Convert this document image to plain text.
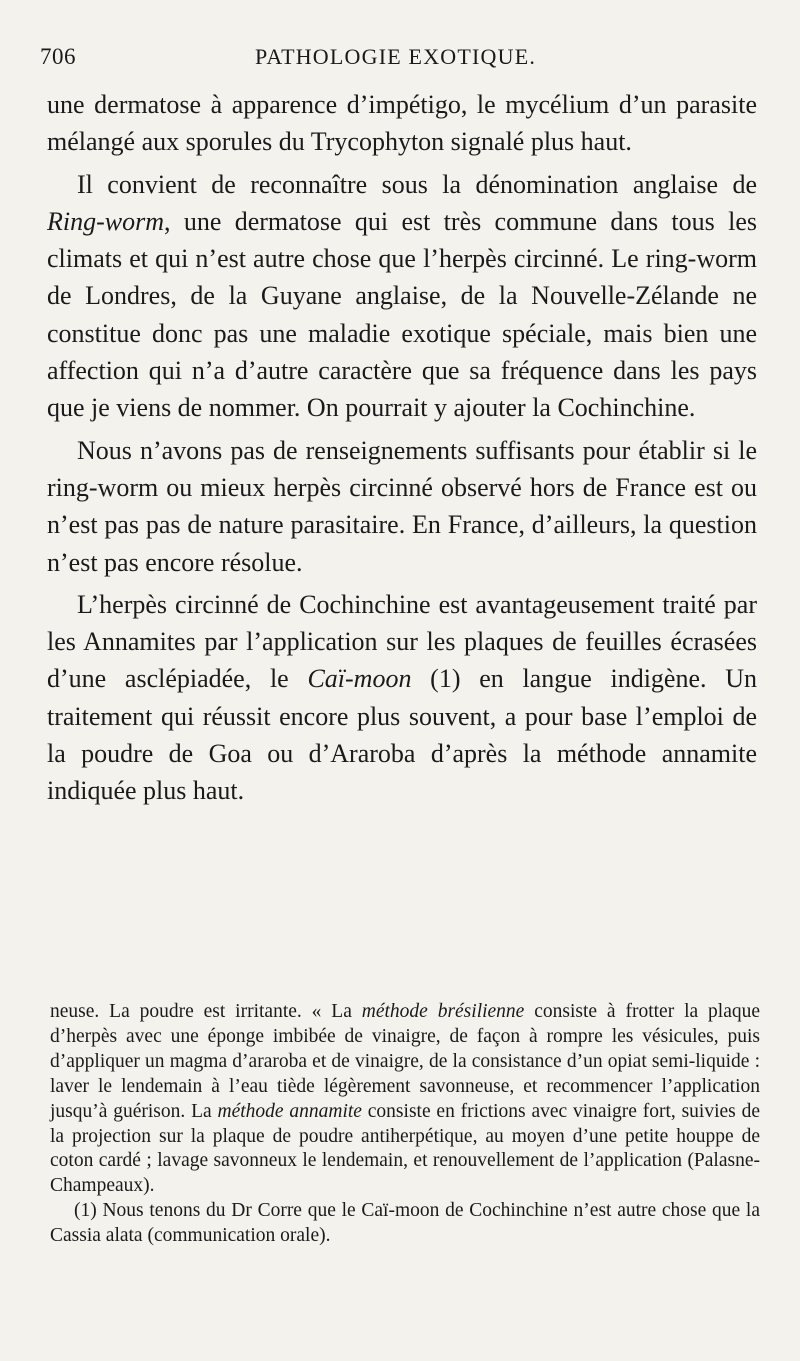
706	PATHOLOGIE EXOTIQUE.

une dermatose à apparence d’impétigo, le mycélium d’un parasite mélangé aux sporules du Trycophyton signalé plus haut.

Il convient de reconnaître sous la dénomination anglaise de Ring-worm, une dermatose qui est très commune dans tous les climats et qui n’est autre chose que l’herpès circinné. Le ring-worm de Londres, de la Guyane anglaise, de la Nouvelle-Zélande ne constitue donc pas une maladie exotique spéciale, mais bien une affection qui n’a d’autre caractère que sa fréquence dans les pays que je viens de nommer. On pourrait y ajouter la Cochinchine.

Nous n’avons pas de renseignements suffisants pour établir si le ring-worm ou mieux herpès circinné observé hors de France est ou n’est pas pas de nature parasitaire. En France, d’ailleurs, la question n’est pas encore résolue.

L’herpès circinné de Cochinchine est avantageusement traité par les Annamites par l’application sur les plaques de feuilles écrasées d’une asclépiadée, le Caï-moon (1) en langue indigène. Un traitement qui réussit encore plus souvent, a pour base l’emploi de la poudre de Goa ou d’Araroba d’après la méthode annamite indiquée plus haut.

neuse. La poudre est irritante. « La méthode brésilienne consiste à frotter la plaque d’herpès avec une éponge imbibée de vinaigre, de façon à rompre les vésicules, puis d’appliquer un magma d’araroba et de vinaigre, de la consistance d’un opiat semi-liquide : laver le lendemain à l’eau tiède légèrement savonneuse, et recommencer l’application jusqu’à guérison. La méthode annamite consiste en frictions avec vinaigre fort, suivies de la projection sur la plaque de poudre antiherpétique, au moyen d’une petite houppe de coton cardé ; lavage savonneux le lendemain, et renouvellement de l’application (Palasne-Champeaux).

(1) Nous tenons du Dr Corre que le Caï-moon de Cochinchine n’est autre chose que la Cassia alata (communication orale).
